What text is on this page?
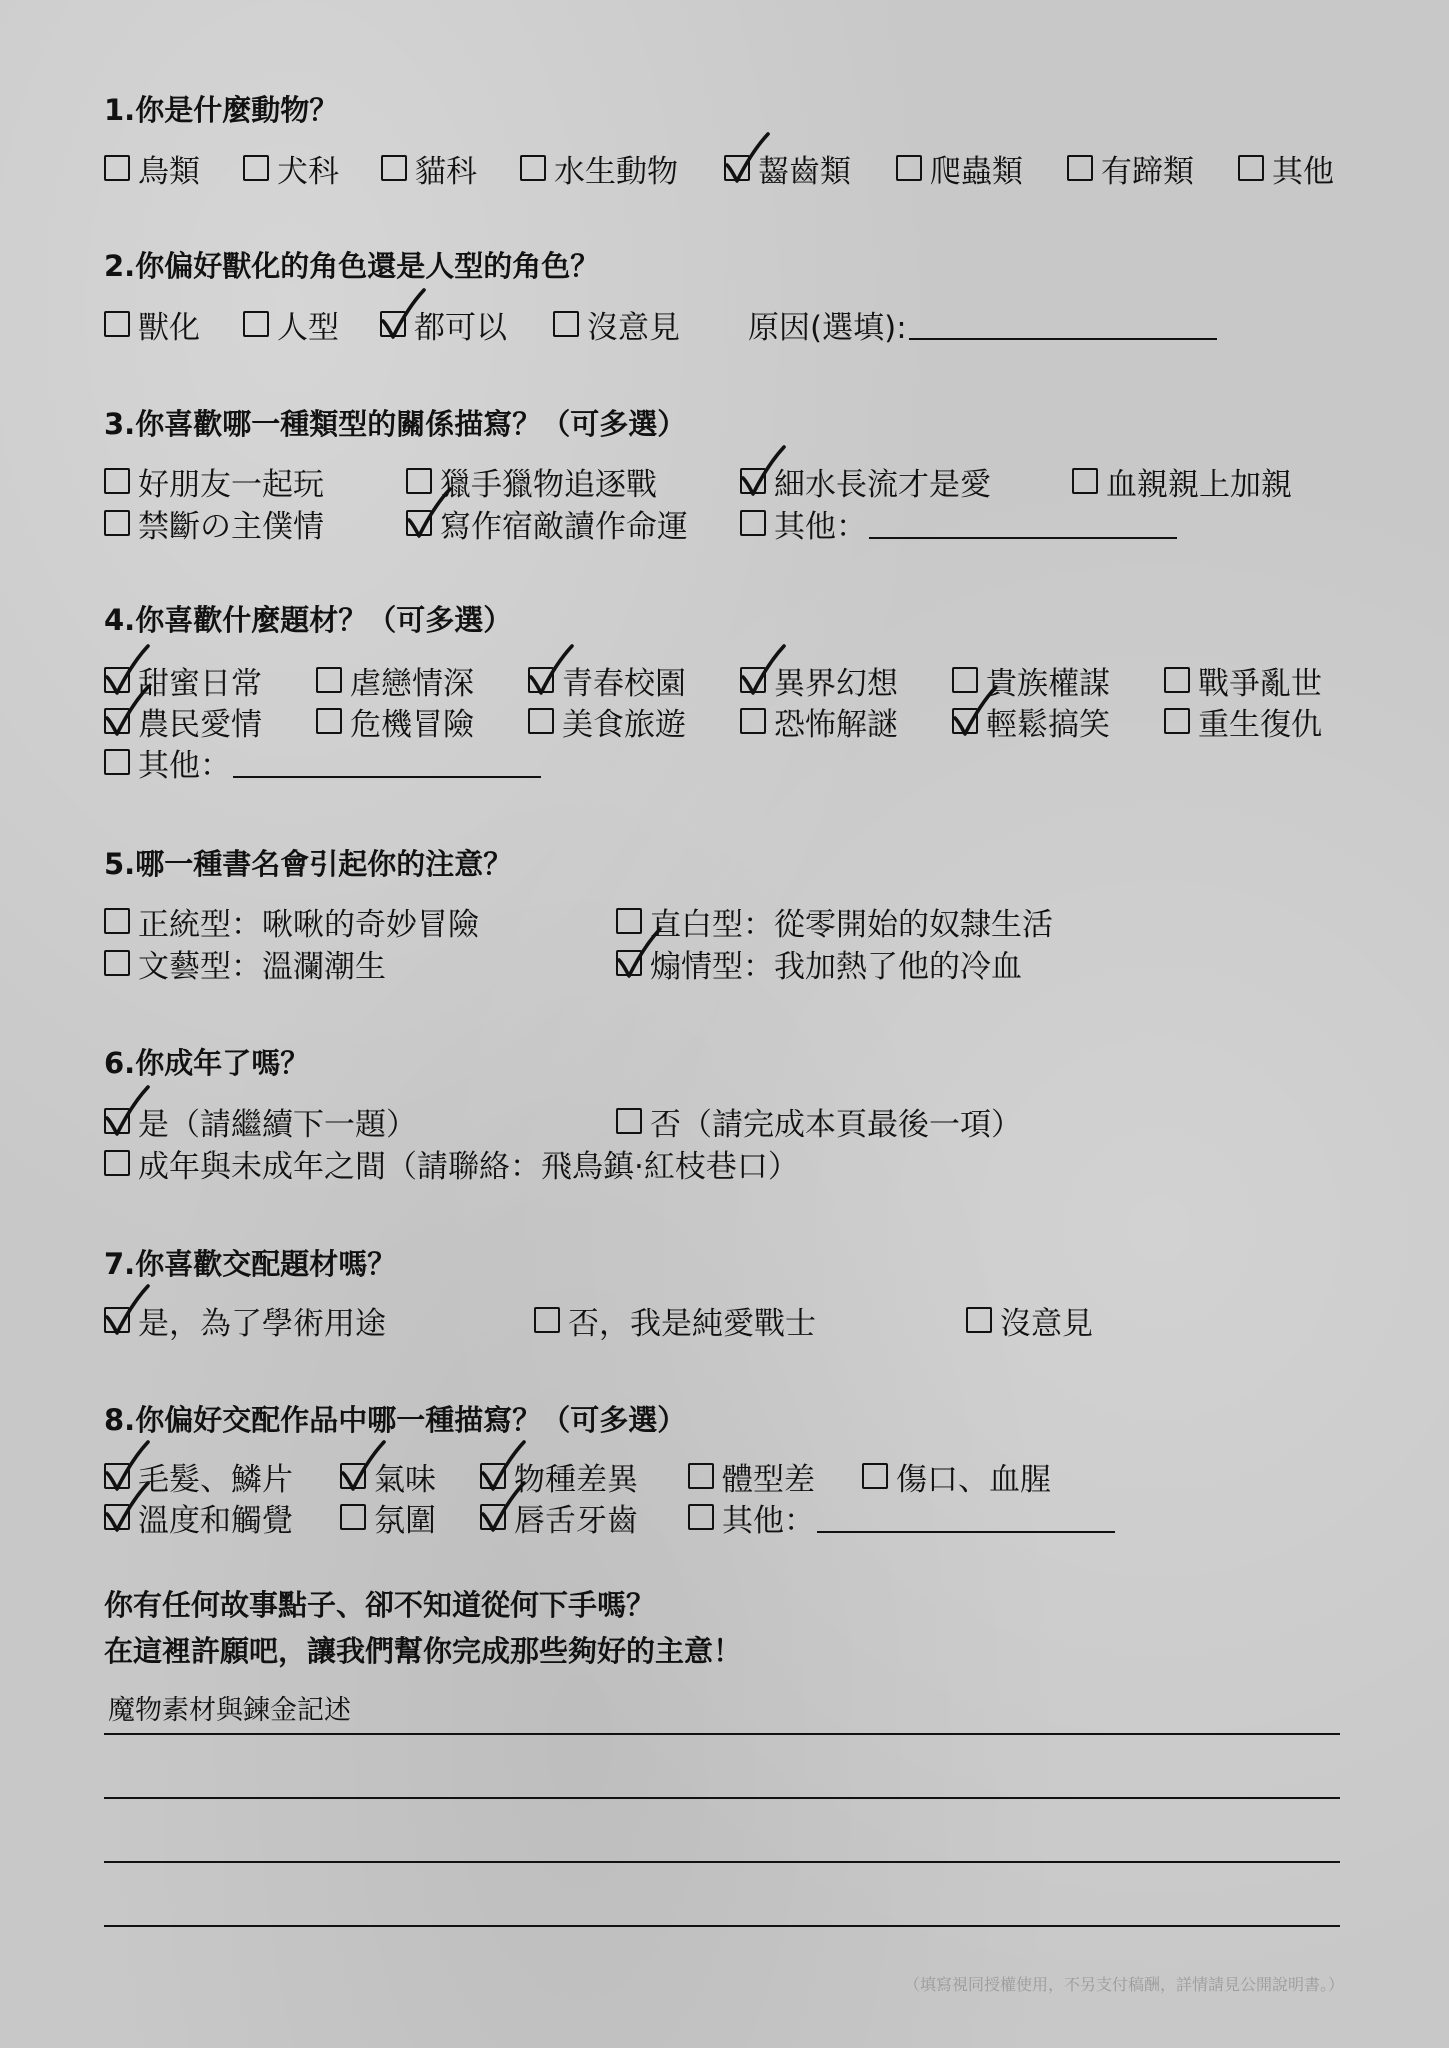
1.你是什麼動物？
鳥類 犬科 貓科 水生動物	齧齒類	爬蟲類	有蹄類	其他
2.你偏好獸化的角色還是人型的角色？
獸化 人型 都可以	沒意見 原因(選填):
3.你喜歡哪一種類型的關係描寫？（可多選）
好朋友一起玩	獵手獵物追逐戰	細水長流才是愛	血親親上加親
禁斷の主僕情	寫作宿敵讀作命運	其他：
4.你喜歡什麼題材？（可多選）
甜蜜日常	虐戀情深	青春校園	異界幻想	貴族權謀	戰爭亂世
農民愛情	危機冒險	美食旅遊	恐怖解謎	輕鬆搞笑	重生復仇
其他：
5.哪一種書名會引起你的注意？
正統型：啾啾的奇妙冒險	直白型：從零開始的奴隸生活
文藝型：溫瀾潮生	煽情型：我加熱了他的冷血
6.你成年了嗎？
是（請繼續下一題）	否（請完成本頁最後一項）
成年與未成年之間（請聯絡：飛鳥鎮·紅枝巷口）
7.你喜歡交配題材嗎？
是，為了學術用途	否，我是純愛戰士	沒意見
8.你偏好交配作品中哪一種描寫？（可多選）
毛髮、鱗片	氣味	物種差異	體型差	傷口、血腥
溫度和觸覺	氛圍	唇舌牙齒	其他：
你有任何故事點子、卻不知道從何下手嗎？
在這裡許願吧，讓我們幫你完成那些夠好的主意！
魔物素材與鍊金記述
（填寫視同授權使用，不另支付稿酬，詳情請見公開說明書。）
